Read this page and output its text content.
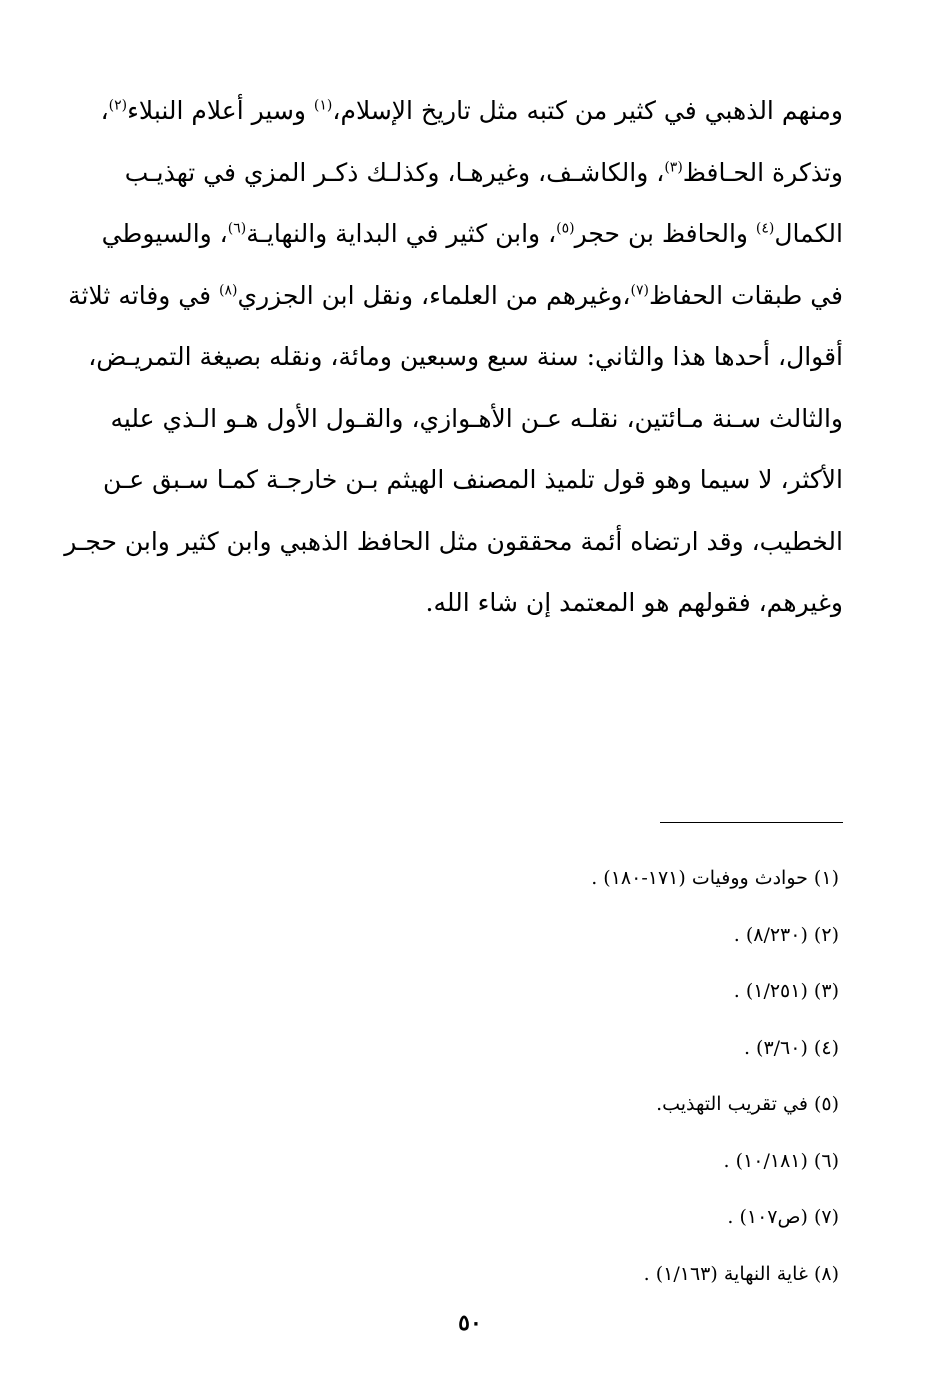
ومنهم الذهبي في كثير من كتبه مثل تاريخ الإسلام،$^{(١)}$ وسير أعلام النبلاء$^{(٢)}$،
وتذكرة الحـافظ$^{(٣)}$، والكاشـف، وغيرهـا، وكذلـك ذكـر المزي في تهذيـب
الكمال$^{(٤)}$ والحافظ بن حجر$^{(٥)}$، وابن كثير في البداية والنهايـة$^{(٦)}$، والسيوطي
في طبقات الحفاظ$^{(٧)}$،وغيرهم من العلماء، ونقل ابن الجزري$^{(٨)}$ في وفاته ثلاثة
أقوال، أحدها هذا والثاني: سنة سبع وسبعين ومائة، ونقله بصيغة التمريـض،
والثالث سـنة مـائتين، نقلـه عـن الأهـوازي، والقـول الأول هـو الـذي عليه
الأكثر، لا سيما وهو قول تلميذ المصنف الهيثم بـن خارجـة كمـا سـبق عـن
الخطيب، وقد ارتضاه أئمة محققون مثل الحافظ الذهبي وابن كثير وابن حجـر
وغيرهم، فقولهم هو المعتمد إن شاء الله.

(١) حوادث ووفيات (١٧١-١٨٠) .
(٢) (٨/٢٣٠) .
(٣) (١/٢٥١) .
(٤) (٣/٦٠) .
(٥) في تقريب التهذيب.
(٦) (١٠/١٨١) .
(٧) (ص١٠٧) .
(٨) غاية النهاية (١/١٦٣) .
٥٠
